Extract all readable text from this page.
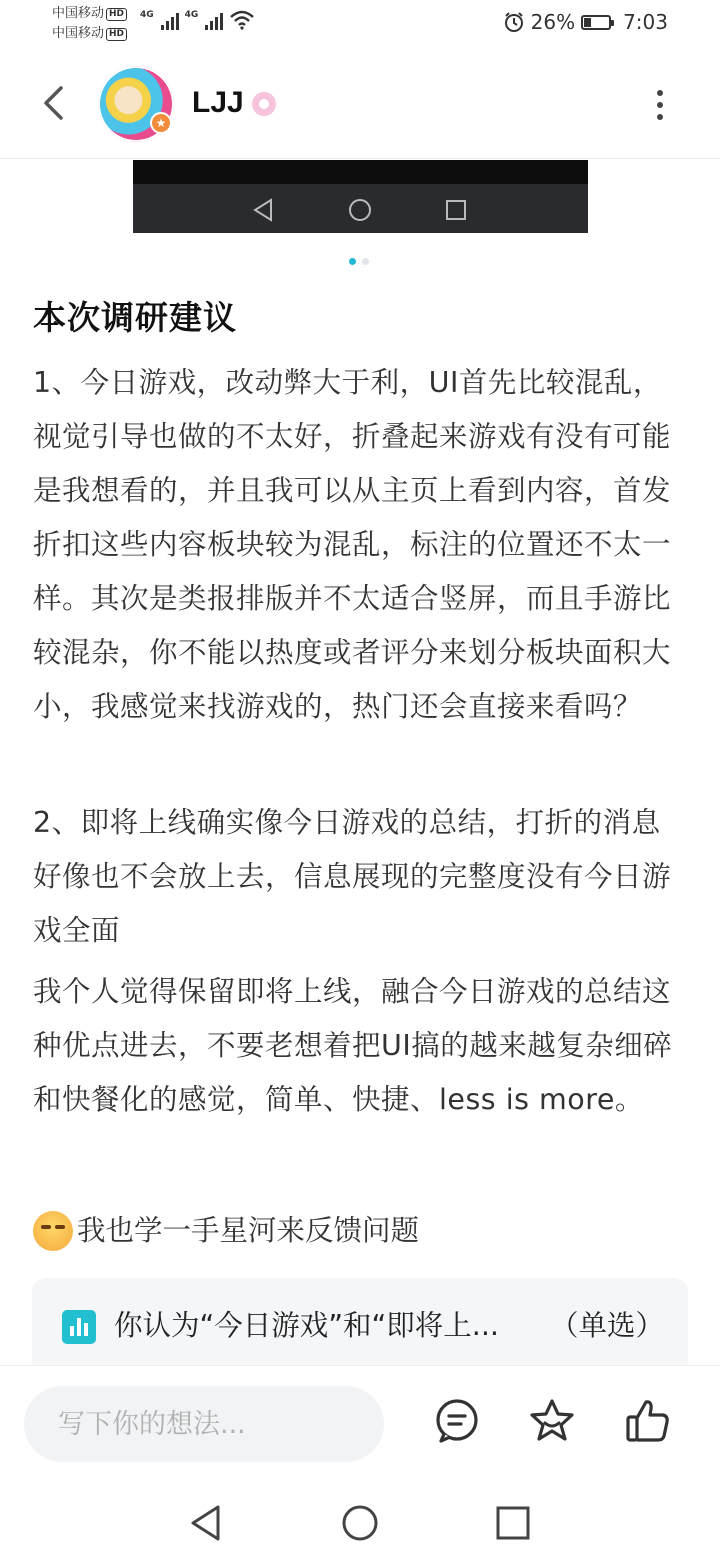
中国移动 HD
中国移动 HD
4G	4G	26% 7:03
★
LJJ
本次调研建议

1、今日游戏，改动弊大于利，UI首先比较混乱，视觉引导也做的不太好，折叠起来游戏有没有可能是我想看的，并且我可以从主页上看到内容，首发折扣这些内容板块较为混乱，标注的位置还不太一样。其次是类报排版并不太适合竖屏，而且手游比较混杂，你不能以热度或者评分来划分板块面积大小，我感觉来找游戏的，热门还会直接来看吗？

2、即将上线确实像今日游戏的总结，打折的消息好像也不会放上去，信息展现的完整度没有今日游戏全面

我个人觉得保留即将上线，融合今日游戏的总结这种优点进去，不要老想着把UI搞的越来越复杂细碎和快餐化的感觉，简单、快捷、less is more。

我也学一手星河来反馈问题
你认为“今日游戏”和“即将上... （单选）
写下你的想法...
